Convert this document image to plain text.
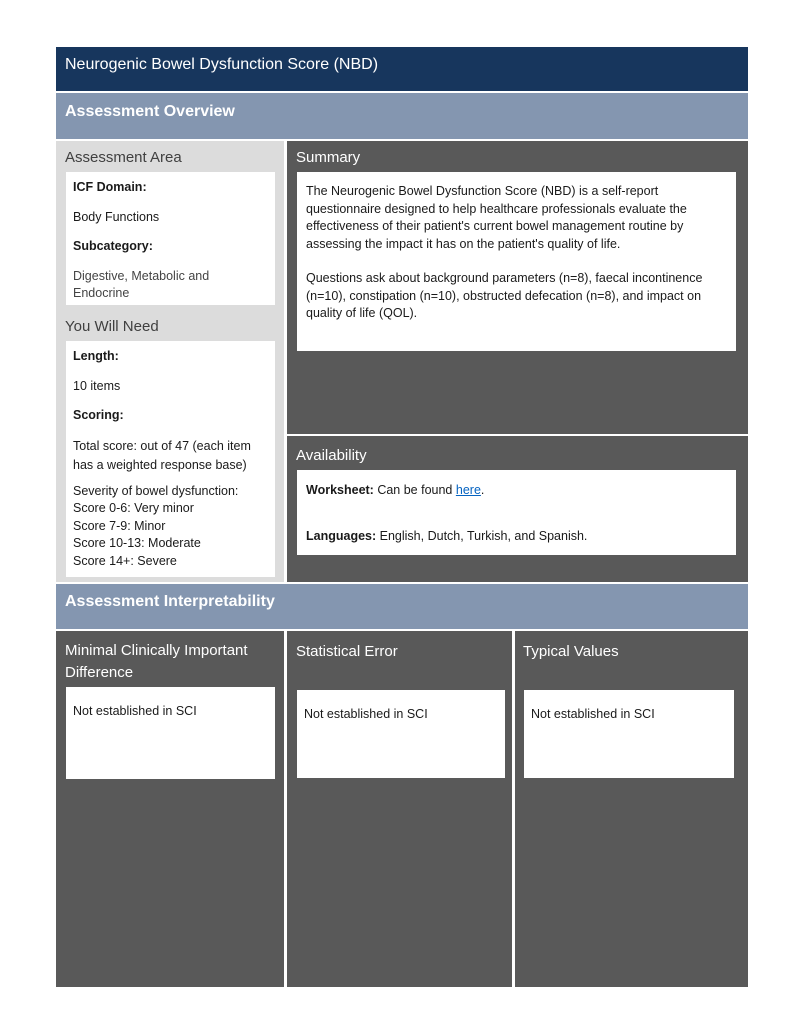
Neurogenic Bowel Dysfunction Score (NBD)
Assessment Overview
Assessment Area

ICF Domain:

Body Functions

Subcategory:

Digestive, Metabolic and Endocrine

You Will Need

Length:

10 items

Scoring:

Total score: out of 47 (each item has a weighted response base)

Severity of bowel dysfunction:

Score 0-6: Very minor

Score 7-9: Minor

Score 10-13: Moderate

Score 14+: Severe

Summary

The Neurogenic Bowel Dysfunction Score (NBD) is a self-report questionnaire designed to help healthcare professionals evaluate the effectiveness of their patient's current bowel management routine by assessing the impact it has on the patient's quality of life.

Questions ask about background parameters (n=8), faecal incontinence (n=10), constipation (n=10), obstructed defecation (n=8), and impact on quality of life (QOL).

Availability

Worksheet: Can be found here.

Languages: English, Dutch, Turkish, and Spanish.

Assessment Interpretability
Minimal Clinically Important Difference

Not established in SCI

Statistical Error

Not established in SCI

Typical Values

Not established in SCI
